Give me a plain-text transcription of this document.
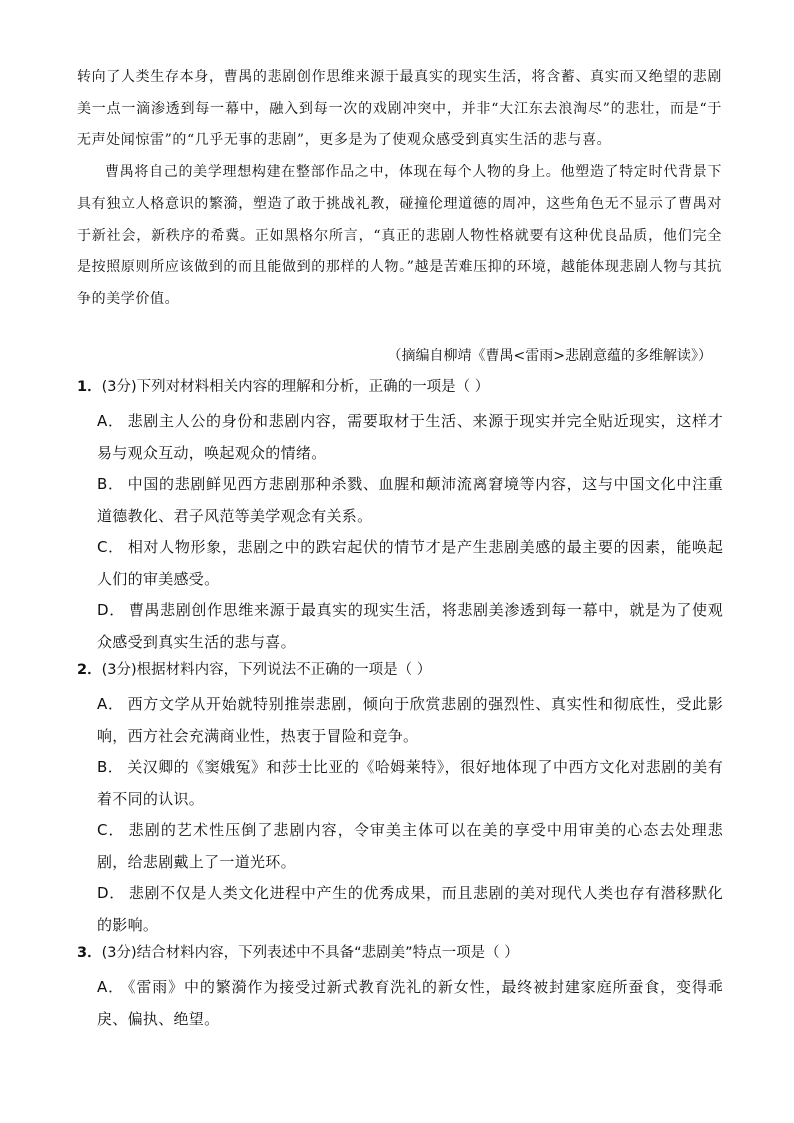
转向了人类生存本身，曹禺的悲剧创作思维来源于最真实的现实生活，将含蓄、真实而又绝望的悲剧美一点一滴渗透到每一幕中，融入到每一次的戏剧冲突中，并非“大江东去浪淘尽”的悲壮，而是“于无声处闻惊雷”的“几乎无事的悲剧”，更多是为了使观众感受到真实生活的悲与喜。

曹禺将自己的美学理想构建在整部作品之中，体现在每个人物的身上。他塑造了特定时代背景下具有独立人格意识的繁漪，塑造了敢于挑战礼教，碰撞伦理道德的周冲，这些角色无不显示了曹禺对于新社会，新秩序的希冀。正如黑格尔所言，“真正的悲剧人物性格就要有这种优良品质，他们完全是按照原则所应该做到的而且能做到的那样的人物。”越是苦难压抑的环境，越能体现悲剧人物与其抗争的美学价值。

（摘编自柳靖《曹禺<雷雨>悲剧意蕴的多维解读》）
1．(3分)下列对材料相关内容的理解和分析，正确的一项是（ ）
A． 悲剧主人公的身份和悲剧内容，需要取材于生活、来源于现实并完全贴近现实，这样才易与观众互动，唤起观众的情绪。
B． 中国的悲剧鲜见西方悲剧那种杀戮、血腥和颠沛流离窘境等内容，这与中国文化中注重道德教化、君子风范等美学观念有关系。
C． 相对人物形象，悲剧之中的跌宕起伏的情节才是产生悲剧美感的最主要的因素，能唤起人们的审美感受。
D． 曹禺悲剧创作思维来源于最真实的现实生活，将悲剧美渗透到每一幕中，就是为了使观众感受到真实生活的悲与喜。
2．(3分)根据材料内容，下列说法不正确的一项是（ ）
A． 西方文学从开始就特别推崇悲剧，倾向于欣赏悲剧的强烈性、真实性和彻底性，受此影响，西方社会充满商业性，热衷于冒险和竞争。
B． 关汉卿的《窦娥冤》和莎士比亚的《哈姆莱特》，很好地体现了中西方文化对悲剧的美有着不同的认识。
C． 悲剧的艺术性压倒了悲剧内容，令审美主体可以在美的享受中用审美的心态去处理悲剧，给悲剧戴上了一道光环。
D． 悲剧不仅是人类文化进程中产生的优秀成果，而且悲剧的美对现代人类也存有潜移默化的影响。
3．(3分)结合材料内容，下列表述中不具备“悲剧美”特点一项是（ ）
A． 《雷雨》中的繁漪作为接受过新式教育洗礼的新女性，最终被封建家庭所蚕食，变得乖戾、偏执、绝望。
